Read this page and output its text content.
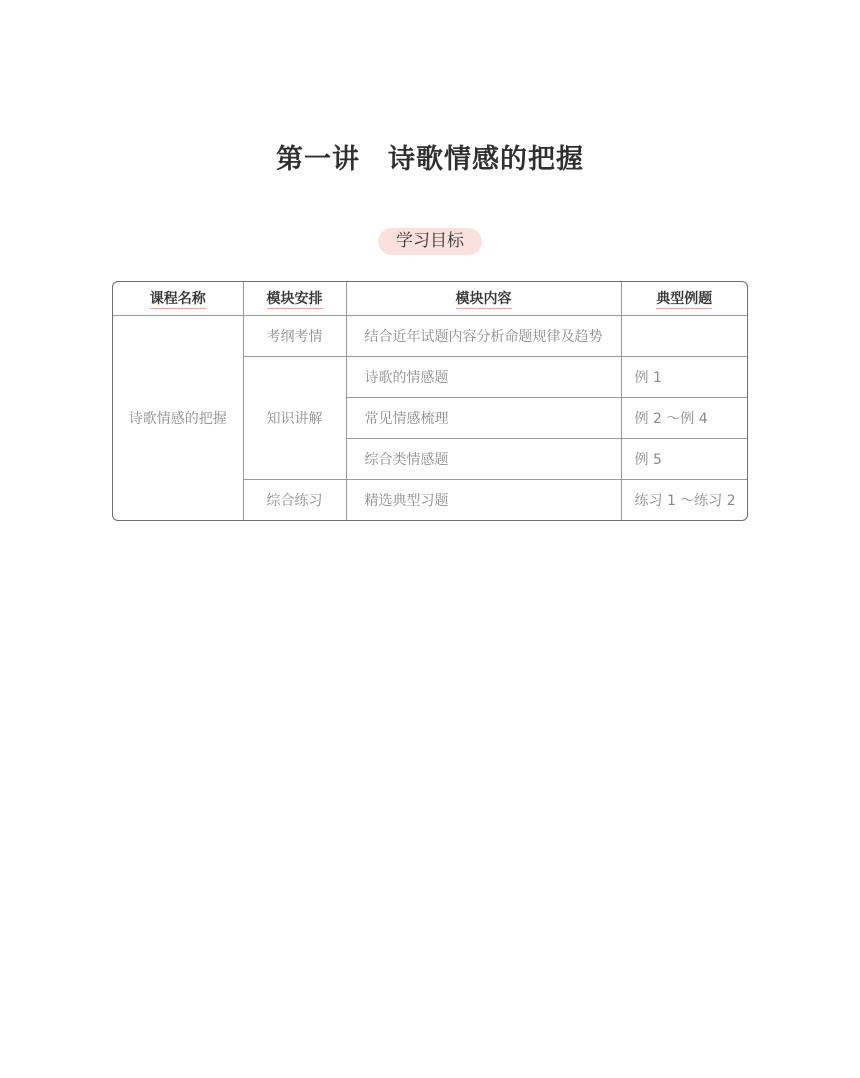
第一讲　诗歌情感的把握
学习目标
课程名称	模块安排	模块内容	典型例题
诗歌情感的把握	考纲考情	结合近年试题内容分析命题规律及趋势	
	知识讲解	诗歌的情感题	例 1
		常见情感梳理	例 2 ～例 4
		综合类情感题	例 5
	综合练习	精选典型习题	练习 1 ～练习 2
